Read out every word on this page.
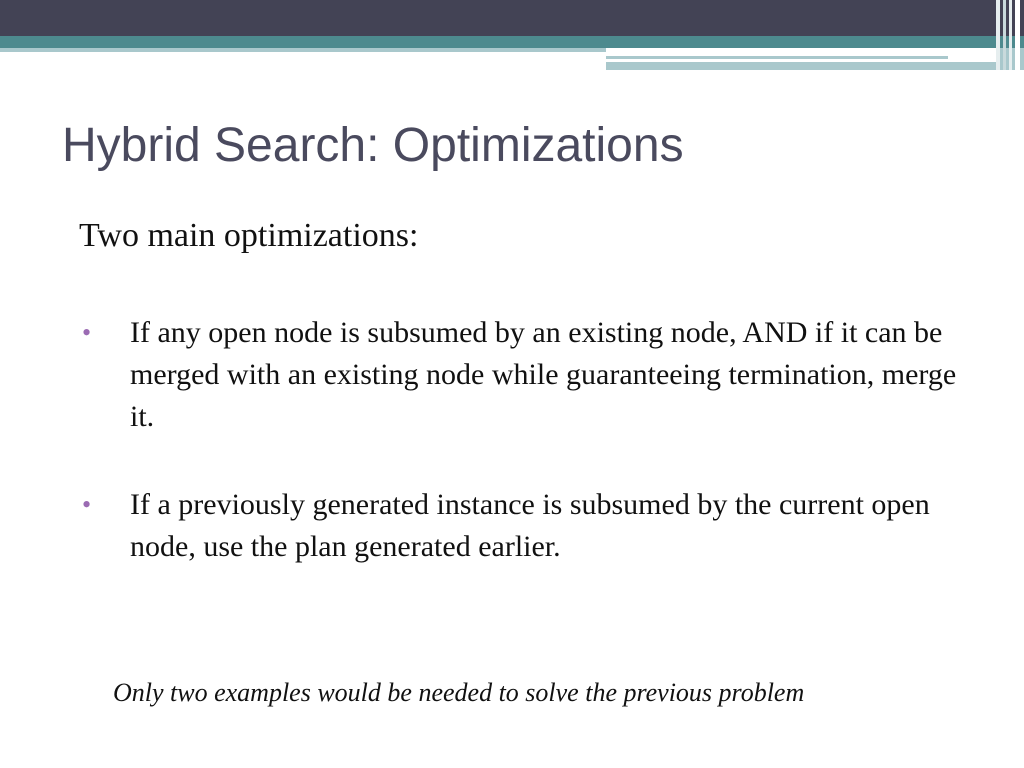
Hybrid Search: Optimizations

Two main optimizations:

• If any open node is subsumed by an existing node, AND if it can be merged with an existing node while guaranteeing termination, merge it.
• If a previously generated instance is subsumed by the current open node, use the plan generated earlier.

Only two examples would be needed to solve the previous problem
